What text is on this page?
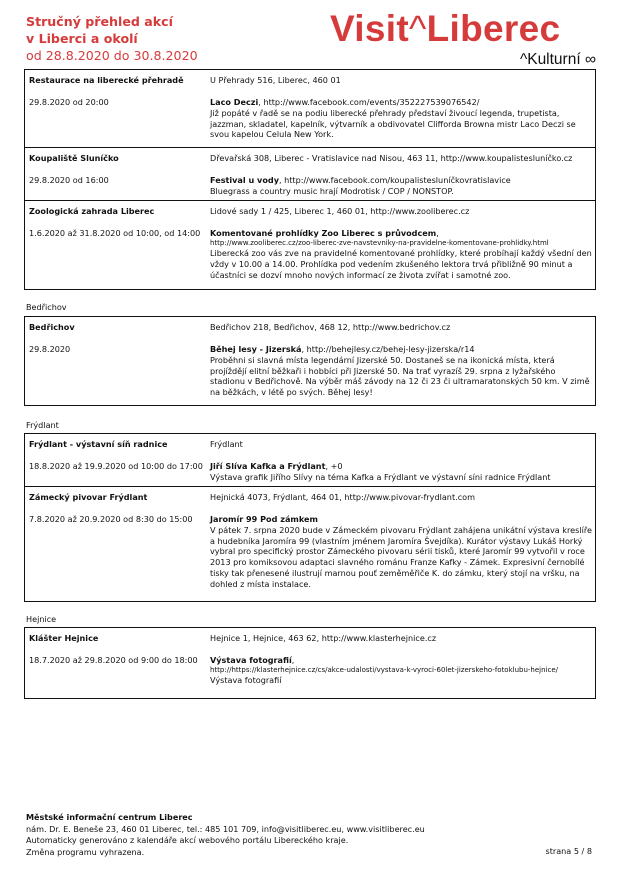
Stručný přehled akcí
v Liberci a okolí
od 28.8.2020 do 30.8.2020
Visit^Liberec
^Kulturní ∞
Restaurace na liberecké přehradě	U Přehrady 516, Liberec, 460 01
29.8.2020 od 20:00	Laco Deczi, http://www.facebook.com/events/352227539076542/
Již popáté v řadě se na podiu liberecké přehrady představí živoucí legenda, trupetista, jazzman, skladatel, kapelník, výtvarník a obdivovatel Clifforda Browna mistr Laco Deczi se svou kapelou Celula New York.
Koupaliště Sluníčko	Dřevařská 308, Liberec - Vratislavice nad Nisou, 463 11, http://www.koupalistesluníčko.cz
29.8.2020 od 16:00	Festival u vody, http://www.facebook.com/koupalistesluníčkovratislavice
Bluegrass a country music hrají Modrotisk / COP / NONSTOP.
Zoologická zahrada Liberec	Lidové sady 1 / 425, Liberec 1, 460 01, http://www.zooliberec.cz
1.6.2020 až 31.8.2020 od 10:00, od 14:00	Komentované prohlídky Zoo Liberec s průvodcem,
http://www.zooliberec.cz/zoo-liberec-zve-navstevniky-na-pravidelne-komentovane-prohlidky.html
Liberecká zoo vás zve na pravidelné komentované prohlídky, které probíhají každý všední den vždy v 10.00 a 14.00. Prohlídka pod vedením zkušeného lektora trvá přibližně 90 minut a účastníci se dozví mnoho nových informací ze života zvířat i samotné zoo.
Bedřichov
Bedřichov	Bedřichov 218, Bedřichov, 468 12, http://www.bedrichov.cz
29.8.2020	Běhej lesy - Jizerská, http://behejlesy.cz/behej-lesy-jizerska/r14
Proběhni si slavná místa legendární Jizerské 50. Dostaneš se na ikonická místa, která projíždějí elitní běžkaři i hobbíci při Jizerské 50. Na trať vyrazíš 29. srpna z lyžařského stadionu v Bedřichově. Na výběr máš závody na 12 či 23 či ultramaratonských 50 km. V zimě na běžkách, v létě po svých. Běhej lesy!
Frýdlant
Frýdlant - výstavní síň radnice	Frýdlant
18.8.2020 až 19.9.2020 od 10:00 do 17:00 Jiří Slíva Kafka a Frýdlant, +0
Výstava grafik Jiřího Slívy na téma Kafka a Frýdlant ve výstavní síni radnice Frýdlant
Zámecký pivovar Frýdlant	Hejnická 4073, Frýdlant, 464 01, http://www.pivovar-frydlant.com
7.8.2020 až 20.9.2020 od 8:30 do 15:00	Jaromír 99 Pod zámkem
V pátek 7. srpna 2020 bude v Zámeckém pivovaru Frýdlant zahájena unikátní výstava kreslíře a hudebníka Jaromíra 99 (vlastním jménem Jaromíra Švejdíka). Kurátor výstavy Lukáš Horký vybral pro specifický prostor Zámeckého pivovaru sérii tisků, které Jaromír 99 vytvořil v roce 2013 pro komiksovou adaptaci slavného románu Franze Kafky - Zámek. Expresivní černobílé tisky tak přenesené ilustrují marnou pouť zeměměřiče K. do zámku, který stojí na vršku, na dohled z místa instalace.
Hejnice
Klášter Hejnice	Hejnice 1, Hejnice, 463 62, http://www.klasterhejnice.cz
18.7.2020 až 29.8.2020 od 9:00 do 18:00	Výstava fotografií,
http://https://klasterhejnice.cz/cs/akce-udalosti/vystava-k-vyroci-60let-jizerskeho-fotoklubu-hejnice/
Výstava fotografií
Městské informační centrum Liberec
nám. Dr. E. Beneše 23, 460 01 Liberec, tel.: 485 101 709, info@visitliberec.eu, www.visitliberec.eu
Automaticky generováno z kalendáře akcí webového portálu Libereckého kraje.
Změna programu vyhrazena.	strana 5 / 8
